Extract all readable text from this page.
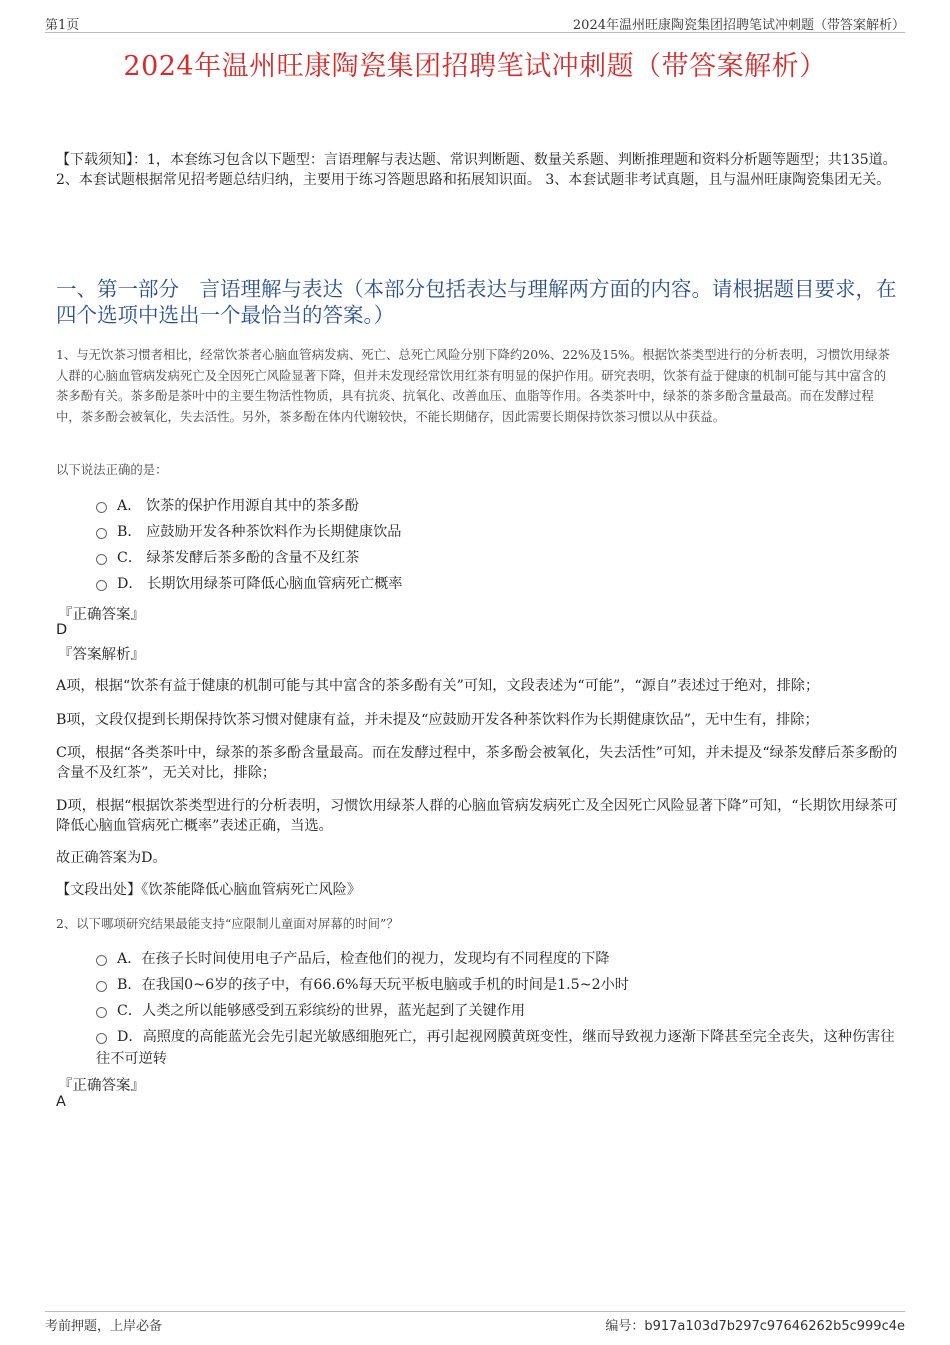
第1页	2024年温州旺康陶瓷集团招聘笔试冲刺题（带答案解析）
2024年温州旺康陶瓷集团招聘笔试冲刺题（带答案解析）
【下载须知】：1，本套练习包含以下题型：言语理解与表达题、常识判断题、数量关系题、判断推理题和资料分析题等题型；共135道。 2、本套试题根据常见招考题总结归纳，主要用于练习答题思路和拓展知识面。 3、本套试题非考试真题，且与温州旺康陶瓷集团无关。
一、第一部分　言语理解与表达（本部分包括表达与理解两方面的内容。请根据题目要求，在四个选项中选出一个最恰当的答案。）
1、与无饮茶习惯者相比，经常饮茶者心脑血管病发病、死亡、总死亡风险分别下降约20%、22%及15%。根据饮茶类型进行的分析表明，习惯饮用绿茶人群的心脑血管病发病死亡及全因死亡风险显著下降，但并未发现经常饮用红茶有明显的保护作用。研究表明，饮茶有益于健康的机制可能与其中富含的茶多酚有关。茶多酚是茶叶中的主要生物活性物质，具有抗炎、抗氧化、改善血压、血脂等作用。各类茶叶中，绿茶的茶多酚含量最高。而在发酵过程中，茶多酚会被氧化，失去活性。另外，茶多酚在体内代谢较快，不能长期储存，因此需要长期保持饮茶习惯以从中获益。
以下说法正确的是：
A． 饮茶的保护作用源自其中的茶多酚
B． 应鼓励开发各种茶饮料作为长期健康饮品
C． 绿茶发酵后茶多酚的含量不及红茶
D． 长期饮用绿茶可降低心脑血管病死亡概率
『正确答案』
D
『答案解析』
A项，根据“饮茶有益于健康的机制可能与其中富含的茶多酚有关”可知，文段表述为“可能”，“源自”表述过于绝对，排除；
B项，文段仅提到长期保持饮茶习惯对健康有益，并未提及“应鼓励开发各种茶饮料作为长期健康饮品”，无中生有，排除；
C项，根据“各类茶叶中，绿茶的茶多酚含量最高。而在发酵过程中，茶多酚会被氧化，失去活性”可知，并未提及“绿茶发酵后茶多酚的含量不及红茶”，无关对比，排除；
D项，根据“根据饮茶类型进行的分析表明，习惯饮用绿茶人群的心脑血管病发病死亡及全因死亡风险显著下降”可知，“长期饮用绿茶可降低心脑血管病死亡概率”表述正确，当选。
故正确答案为D。
【文段出处】《饮茶能降低心脑血管病死亡风险》
2、以下哪项研究结果最能支持“应限制儿童面对屏幕的时间”？
A．在孩子长时间使用电子产品后，检查他们的视力，发现均有不同程度的下降
B．在我国0~6岁的孩子中，有66.6%每天玩平板电脑或手机的时间是1.5~2小时
C．人类之所以能够感受到五彩缤纷的世界，蓝光起到了关键作用
D．高照度的高能蓝光会先引起光敏感细胞死亡，再引起视网膜黄斑变性，继而导致视力逐渐下降甚至完全丧失，这种伤害往往不可逆转
『正确答案』
A
考前押题，上岸必备	编号：b917a103d7b297c97646262b5c999c4e
